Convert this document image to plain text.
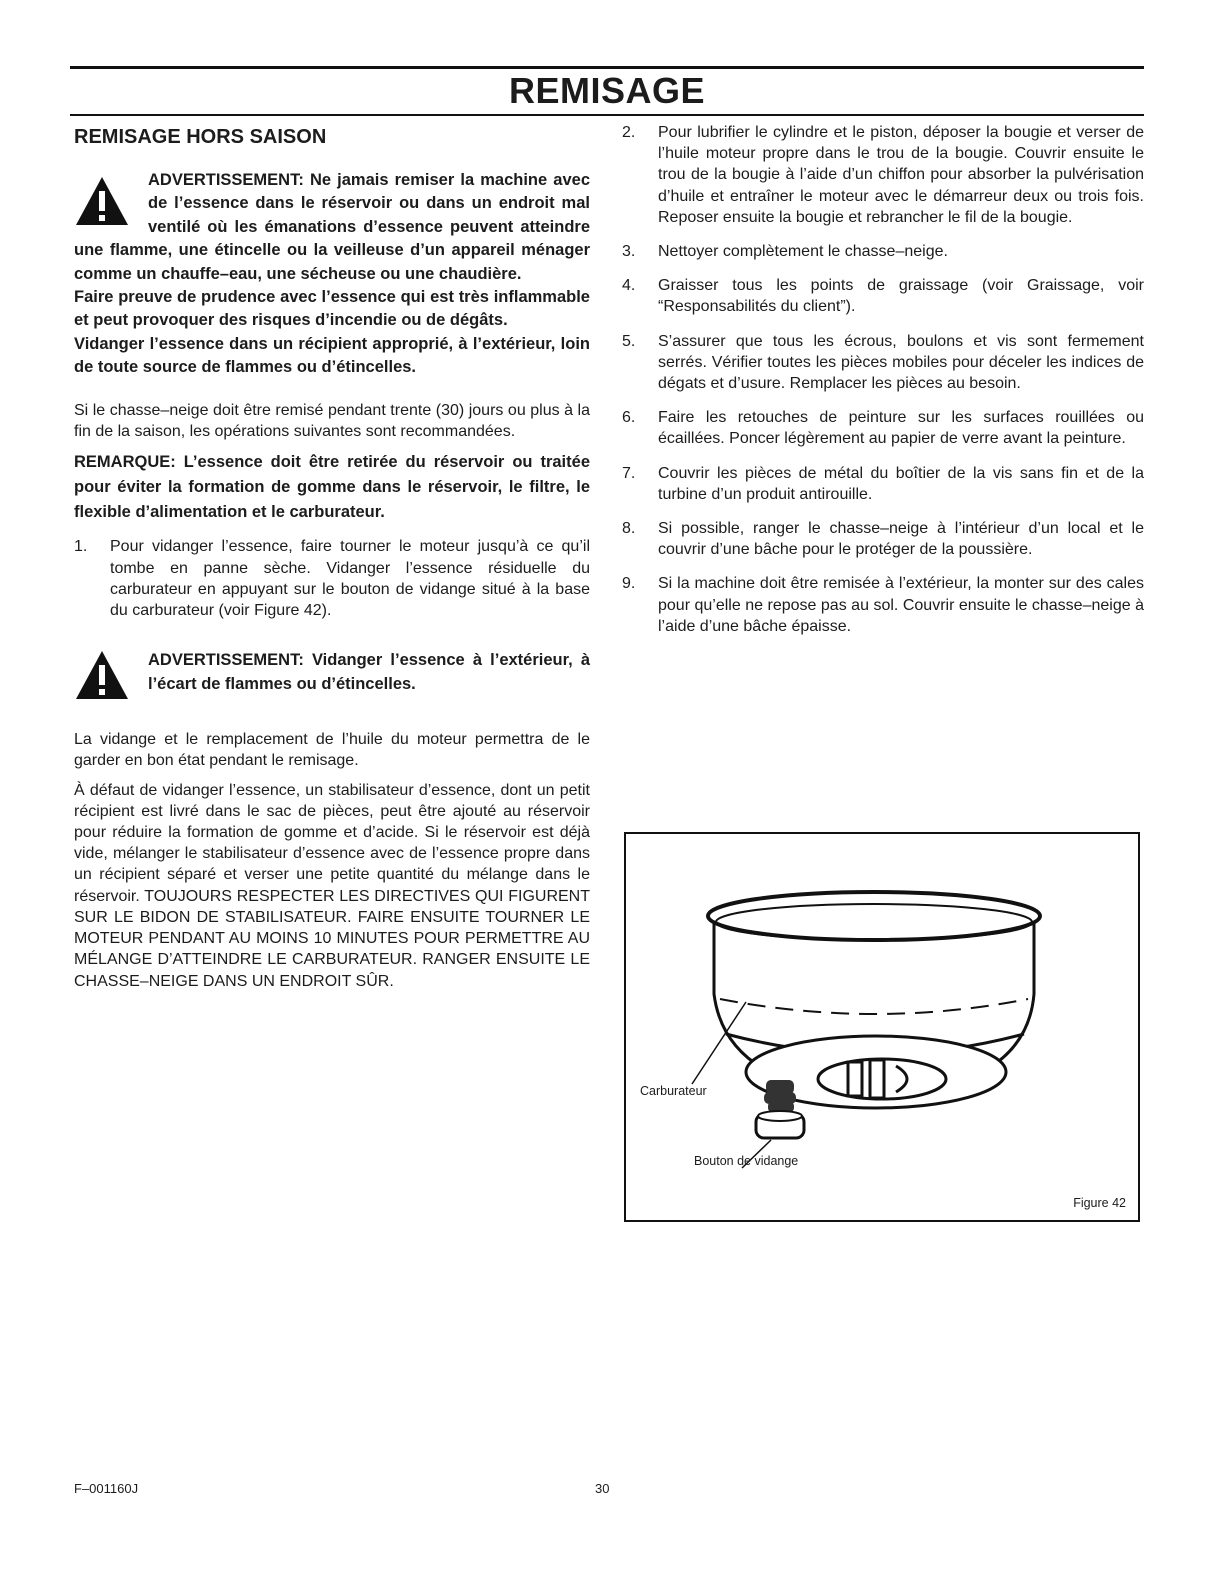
REMISAGE
REMISAGE HORS SAISON

ADVERTISSEMENT: Ne jamais remiser la machine avec de l’essence dans le réservoir ou dans un endroit mal ventilé où les émanations d’essence peuvent atteindre une flamme, une étincelle ou la veilleuse d’un appareil ménager comme un chauffe–eau, une sécheuse ou une chaudière.

Faire preuve de prudence avec l’essence qui est très inflammable et peut provoquer des risques d’incendie ou de dégâts.

Vidanger l’essence dans un récipient approprié, à l’extérieur, loin de toute source de flammes ou d’étincelles.

Si le chasse–neige doit être remisé pendant trente (30) jours ou plus à la fin de la saison, les opérations suivantes sont recommandées.

REMARQUE: L’essence doit être retirée du réservoir ou traitée pour éviter la formation de gomme dans le réservoir, le filtre, le flexible d’alimentation et le carburateur.

1. Pour vidanger l’essence, faire tourner le moteur jusqu’à ce qu’il tombe en panne sèche. Vidanger l’essence résiduelle du carburateur en appuyant sur le bouton de vidange situé à la base du carburateur (voir Figure 42).

ADVERTISSEMENT: Vidanger l’essence à l’extérieur, à l’écart de flammes ou d’étincelles.

La vidange et le remplacement de l’huile du moteur permettra de le garder en bon état pendant le remisage.

À défaut de vidanger l’essence, un stabilisateur d’essence, dont un petit récipient est livré dans le sac de pièces, peut être ajouté au réservoir pour réduire la formation de gomme et d’acide. Si le réservoir est déjà vide, mélanger le stabilisateur d’essence avec de l’essence propre dans un récipient séparé et verser une petite quantité du mélange dans le réservoir. TOUJOURS RESPECTER LES DIRECTIVES QUI FIGURENT SUR LE BIDON DE STABILISATEUR. FAIRE ENSUITE TOURNER LE MOTEUR PENDANT AU MOINS 10 MINUTES POUR PERMETTRE AU MÉLANGE D’ATTEINDRE LE CARBURATEUR. RANGER ENSUITE LE CHASSE–NEIGE DANS UN ENDROIT SÛR.

2. Pour lubrifier le cylindre et le piston, déposer la bougie et verser de l’huile moteur propre dans le trou de la bougie. Couvrir ensuite le trou de la bougie à l’aide d’un chiffon pour absorber la pulvérisation d’huile et entraîner le moteur avec le démarreur deux ou trois fois. Reposer ensuite la bougie et rebrancher le fil de la bougie.
3. Nettoyer complètement le chasse–neige.
4. Graisser tous les points de graissage (voir Graissage, voir “Responsabilités du client”).
5. S’assurer que tous les écrous, boulons et vis sont fermement serrés. Vérifier toutes les pièces mobiles pour déceler les indices de dégats et d’usure. Remplacer les pièces au besoin.
6. Faire les retouches de peinture sur les surfaces rouillées ou écaillées. Poncer légèrement au papier de verre avant la peinture.
7. Couvrir les pièces de métal du boîtier de la vis sans fin et de la turbine d’un produit antirouille.
8. Si possible, ranger le chasse–neige à l’intérieur d’un local et le couvrir d’une bâche pour le protéger de la poussière.
9. Si la machine doit être remisée à l’extérieur, la monter sur des cales pour qu’elle ne repose pas au sol. Couvrir ensuite le chasse–neige à l’aide d’une bâche épaisse.
Carburateur
Bouton de vidange
Figure 42
F–001160J	30
